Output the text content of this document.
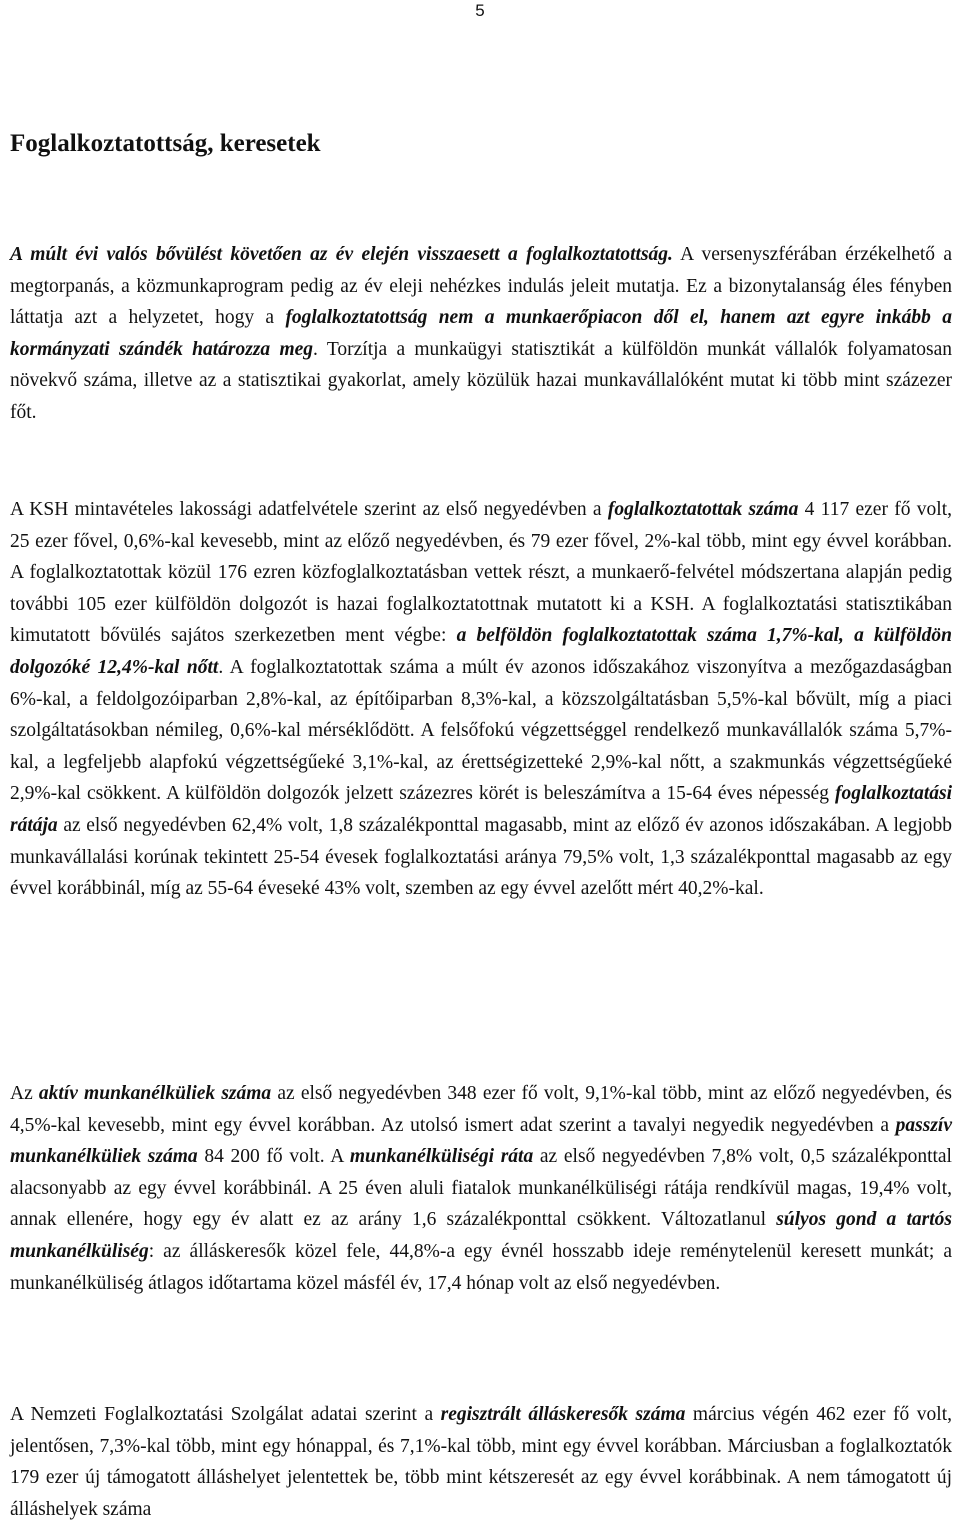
5
Foglalkoztatottság, keresetek

A múlt évi valós bővülést követően az év elején visszaesett a foglalkoztatottság. A versenyszférában érzékelhető a megtorpanás, a közmunkaprogram pedig az év eleji nehézkes indulás jeleit mutatja. Ez a bizonytalanság éles fényben láttatja azt a helyzetet, hogy a foglalkoztatottság nem a munkaerőpiacon dől el, hanem azt egyre inkább a kormányzati szándék határozza meg. Torzítja a munkaügyi statisztikát a külföldön munkát vállalók folyamatosan növekvő száma, illetve az a statisztikai gyakorlat, amely közülük hazai munkavállalóként mutat ki több mint százezer főt.

A KSH mintavételes lakossági adatfelvétele szerint az első negyedévben a foglalkoztatottak száma 4 117 ezer fő volt, 25 ezer fővel, 0,6%-kal kevesebb, mint az előző negyedévben, és 79 ezer fővel, 2%-kal több, mint egy évvel korábban. A foglalkoztatottak közül 176 ezren közfoglalkoztatásban vettek részt, a munkaerő-felvétel módszertana alapján pedig további 105 ezer külföldön dolgozót is hazai foglalkoztatottnak mutatott ki a KSH. A foglalkoztatási statisztikában kimutatott bővülés sajátos szerkezetben ment végbe: a belföldön foglalkoztatottak száma 1,7%-kal, a külföldön dolgozóké 12,4%-kal nőtt. A foglalkoztatottak száma a múlt év azonos időszakához viszonyítva a mezőgazdaságban 6%-kal, a feldolgozóiparban 2,8%-kal, az építőiparban 8,3%-kal, a közszolgáltatásban 5,5%-kal bővült, míg a piaci szolgáltatásokban némileg, 0,6%-kal mérséklődött. A felsőfokú végzettséggel rendelkező munkavállalók száma 5,7%-kal, a legfeljebb alapfokú végzettségűeké 3,1%-kal, az érettségizetteké 2,9%-kal nőtt, a szakmunkás végzettségűeké 2,9%-kal csökkent. A külföldön dolgozók jelzett százezres körét is beleszámítva a 15-64 éves népesség foglalkoztatási rátája az első negyedévben 62,4% volt, 1,8 százalékponttal magasabb, mint az előző év azonos időszakában. A legjobb munkavállalási korúnak tekintett 25-54 évesek foglalkoztatási aránya 79,5% volt, 1,3 százalékponttal magasabb az egy évvel korábbinál, míg az 55-64 éveseké 43% volt, szemben az egy évvel azelőtt mért 40,2%-kal.

Az aktív munkanélküliek száma az első negyedévben 348 ezer fő volt, 9,1%-kal több, mint az előző negyedévben, és 4,5%-kal kevesebb, mint egy évvel korábban. Az utolsó ismert adat szerint a tavalyi negyedik negyedévben a passzív munkanélküliek száma 84 200 fő volt. A munkanélküliségi ráta az első negyedévben 7,8% volt, 0,5 százalékponttal alacsonyabb az egy évvel korábbinál. A 25 éven aluli fiatalok munkanélküliségi rátája rendkívül magas, 19,4% volt, annak ellenére, hogy egy év alatt ez az arány 1,6 százalékponttal csökkent. Változatlanul súlyos gond a tartós munkanélküliség: az álláskeresők közel fele, 44,8%-a egy évnél hosszabb ideje reménytelenül keresett munkát; a munkanélküliség átlagos időtartama közel másfél év, 17,4 hónap volt az első negyedévben.

A Nemzeti Foglalkoztatási Szolgálat adatai szerint a regisztrált álláskeresők száma március végén 462 ezer fő volt, jelentősen, 7,3%-kal több, mint egy hónappal, és 7,1%-kal több, mint egy évvel korábban. Márciusban a foglalkoztatók 179 ezer új támogatott álláshelyet jelentettek be, több mint kétszeresét az egy évvel korábbinak. A nem támogatott új álláshelyek száma
